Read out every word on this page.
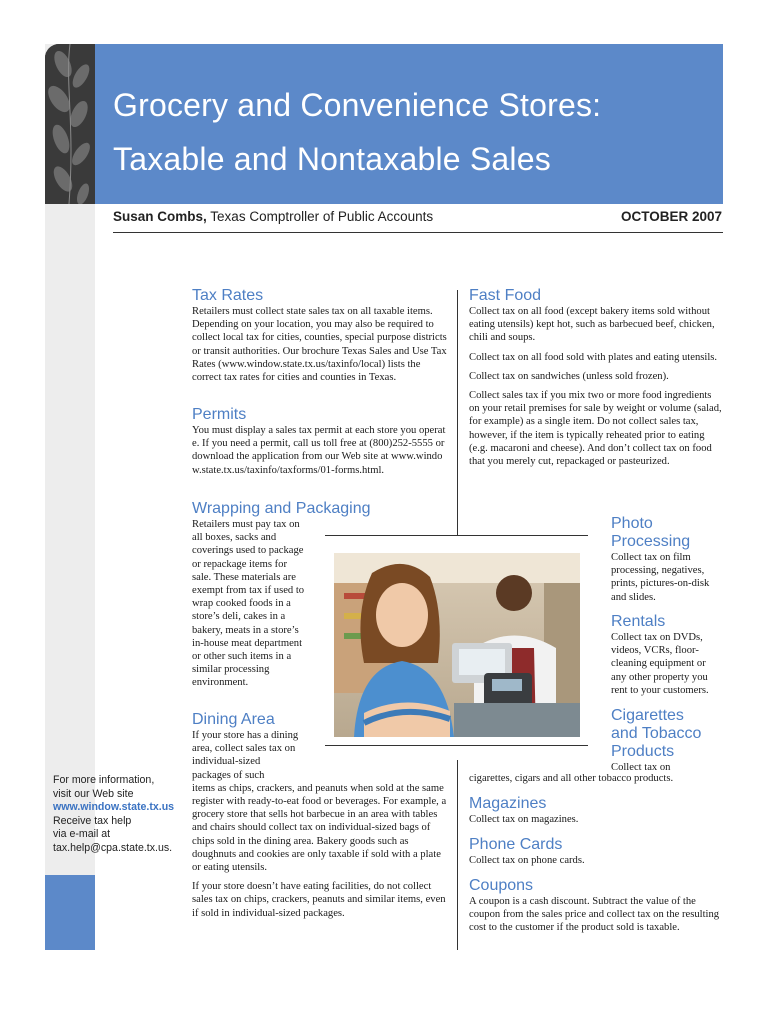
Grocery and Convenience Stores:
Taxable and Nontaxable Sales
Susan Combs, Texas Comptroller of Public Accounts	OCTOBER 2007
Tax Rates

Retailers must collect state sales tax on all taxable items. Depending on your location, you may also be required to collect local tax for cities, counties, special purpose districts or transit authorities. Our brochure Texas Sales and Use Tax Rates (www.window.state.tx.us/taxinfo/local) lists the correct tax rates for cities and counties in Texas.

Permits

You must display a sales tax permit at each store you operate. If you need a permit, call us toll free at (800)252-5555 or download the application from our Web site at www.window.state.tx.us/taxinfo/taxforms/01-forms.html.

Wrapping and Packaging

Retailers must pay tax on all boxes, sacks and coverings used to package or repackage items for sale. These materials are exempt from tax if used to wrap cooked foods in a store’s deli, cakes in a bakery, meats in a store’s in-house meat department or other such items in a similar processing environment.

Dining Area

If your store has a dining area, collect sales tax on individual-sized packages of such

items as chips, crackers, and peanuts when sold at the same register with ready-to-eat food or beverages. For example, a grocery store that sells hot barbecue in an area with tables and chairs should collect tax on individual-sized bags of chips sold in the dining area. Bakery goods such as doughnuts and cookies are only taxable if sold with a plate or eating utensils.

If your store doesn’t have eating facilities, do not collect sales tax on chips, crackers, peanuts and similar items, even if sold in individual-sized packages.

Fast Food

Collect tax on all food (except bakery items sold without eating utensils) kept hot, such as barbecued beef, chicken, chili and soups.

Collect tax on all food sold with plates and eating utensils.

Collect tax on sandwiches (unless sold frozen).

Collect sales tax if you mix two or more food ingredients on your retail premises for sale by weight or volume (salad, for example) as a single item. Do not collect sales tax, however, if the item is typically reheated prior to eating (e.g. macaroni and cheese). And don’t collect tax on food that you merely cut, repackaged or pasteurized.

Photo
Processing

Collect tax on film processing, negatives, prints, pictures-on-disk and slides.

Rentals

Collect tax on DVDs, videos, VCRs, floor-cleaning equipment or any other property you rent to your customers.

Cigarettes
and Tobacco
Products

Collect tax on

cigarettes, cigars and all other tobacco products.

Magazines

Collect tax on magazines.

Phone Cards

Collect tax on phone cards.

Coupons

A coupon is a cash discount. Subtract the value of the coupon from the sales price and collect tax on the resulting cost to the customer if the product sold is taxable.

For more information,
visit our Web site
www.window.state.tx.us
Receive tax help
via e-mail at
tax.help@cpa.state.tx.us.
